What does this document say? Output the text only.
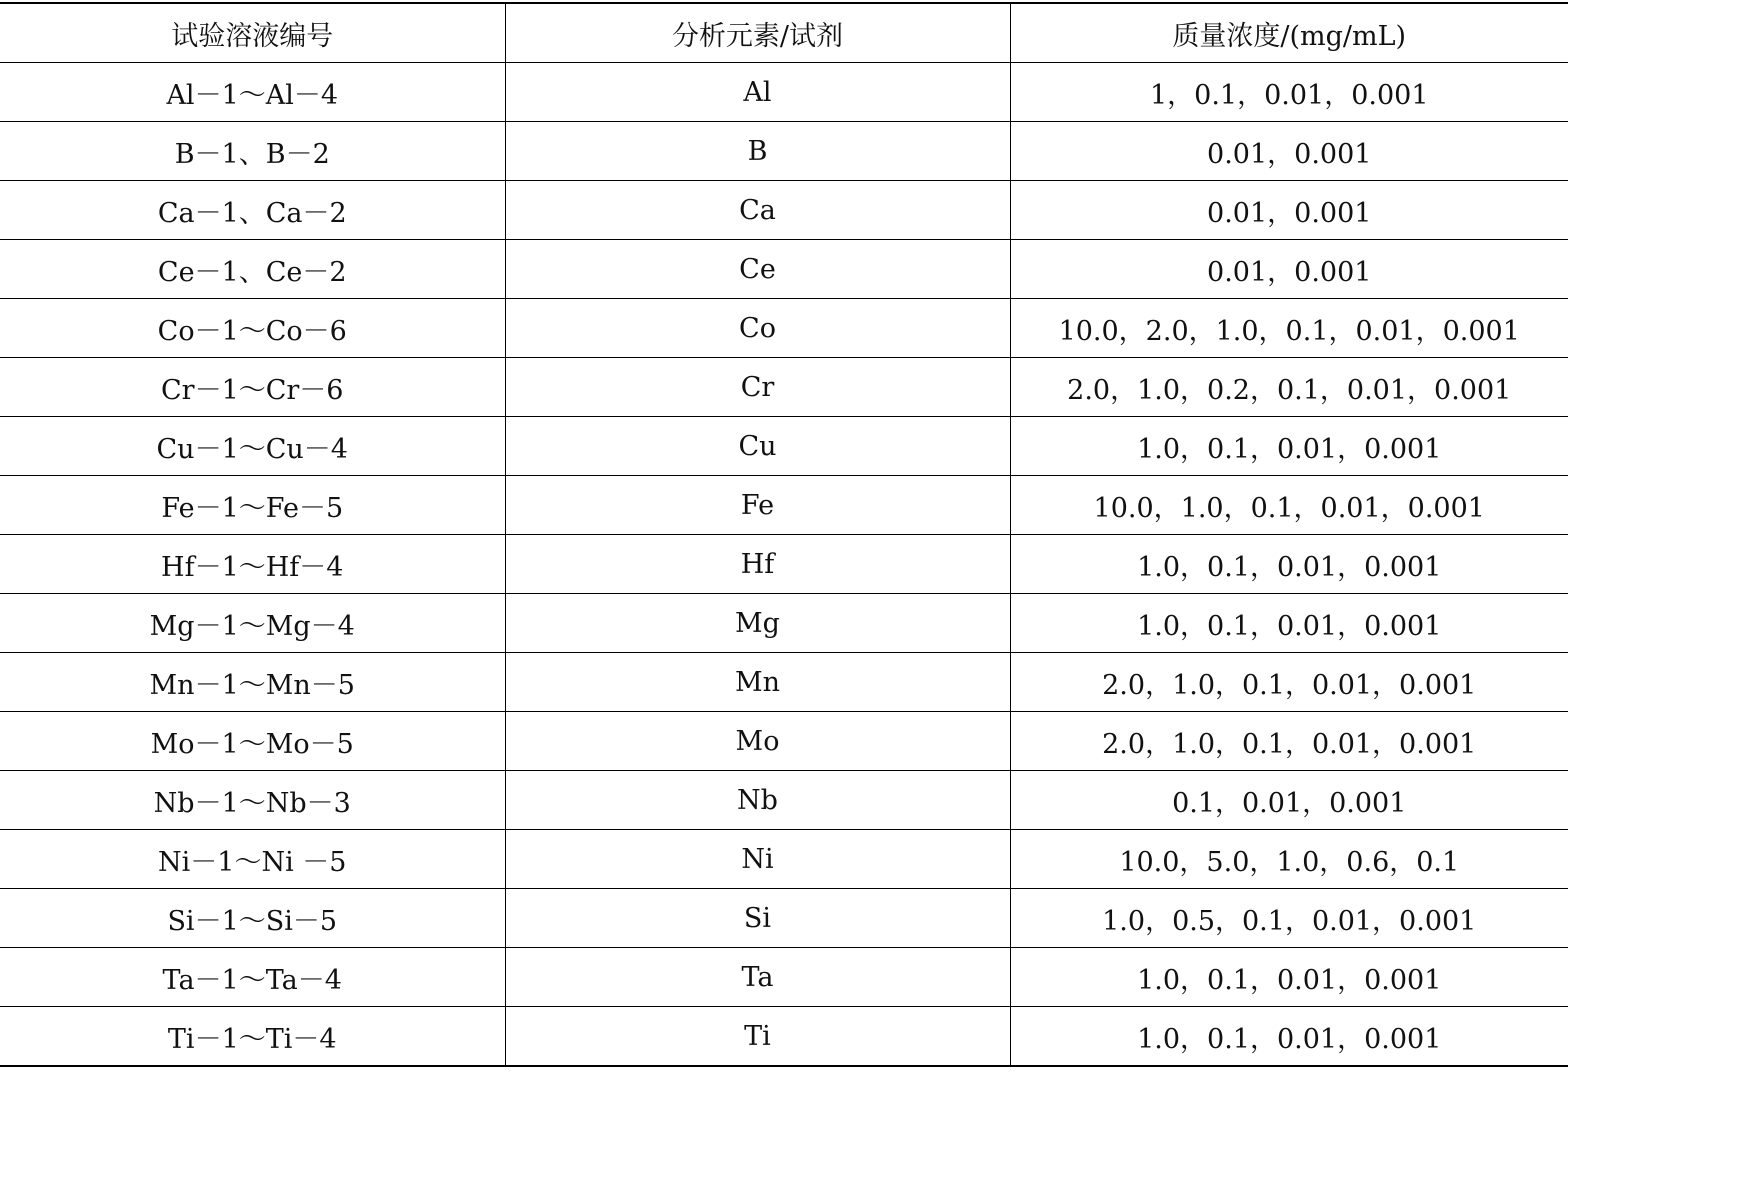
试验溶液编号	分析元素/试剂	质量浓度/(mg/mL)
Al－1～Al－4	Al	1，0.1，0.01，0.001
B－1、B－2	B	0.01，0.001
Ca－1、Ca－2	Ca	0.01，0.001
Ce－1、Ce－2	Ce	0.01，0.001
Co－1～Co－6	Co	10.0，2.0，1.0，0.1，0.01，0.001
Cr－1～Cr－6	Cr	2.0，1.0，0.2，0.1，0.01，0.001
Cu－1～Cu－4	Cu	1.0，0.1，0.01，0.001
Fe－1～Fe－5	Fe	10.0，1.0，0.1，0.01，0.001
Hf－1～Hf－4	Hf	1.0，0.1，0.01，0.001
Mg－1～Mg－4	Mg	1.0，0.1，0.01，0.001
Mn－1～Mn－5	Mn	2.0，1.0，0.1，0.01，0.001
Mo－1～Mo－5	Mo	2.0，1.0，0.1，0.01，0.001
Nb－1～Nb－3	Nb	0.1，0.01，0.001
Ni－1～Ni －5	Ni	10.0，5.0，1.0，0.6，0.1
Si－1～Si－5	Si	1.0，0.5，0.1，0.01，0.001
Ta－1～Ta－4	Ta	1.0，0.1，0.01，0.001
Ti－1～Ti－4	Ti	1.0，0.1，0.01，0.001
